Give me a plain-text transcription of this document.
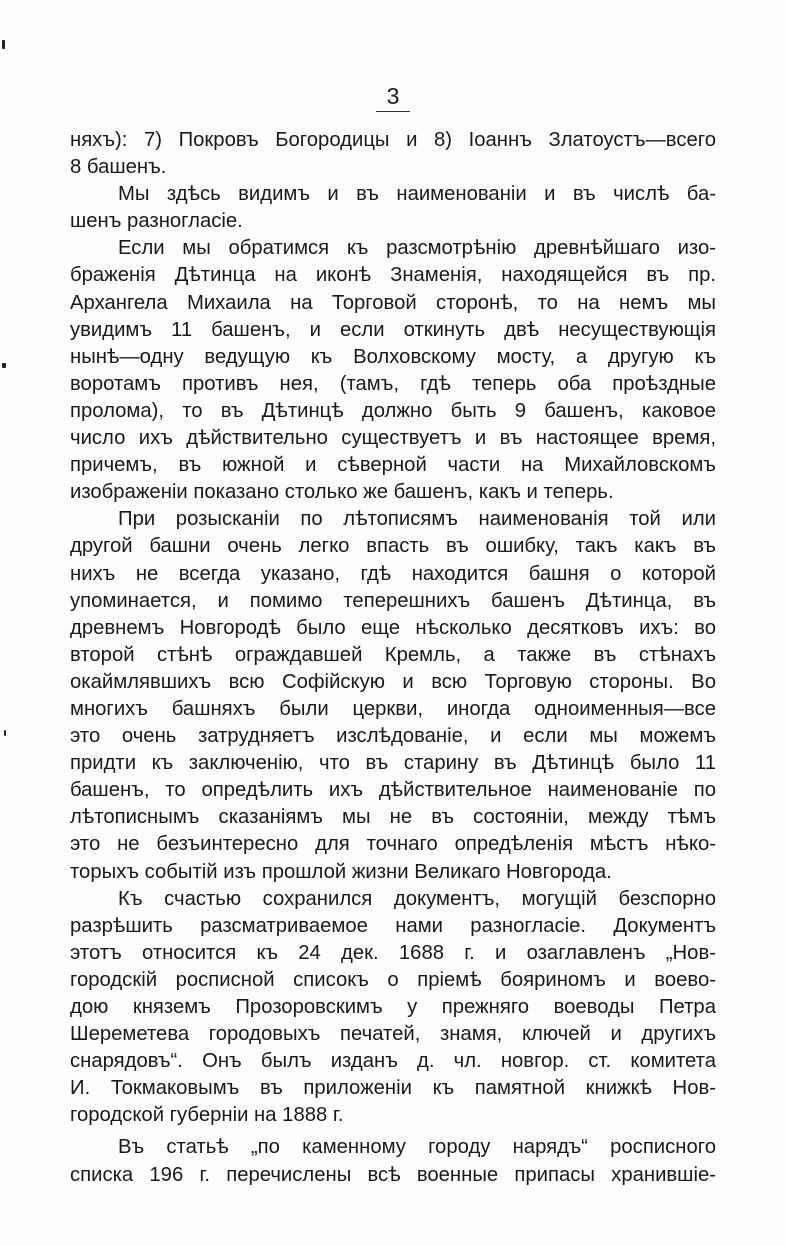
3
няхъ): 7) Покровъ Богородицы и 8) Іоаннъ Златоустъ—всего
8 башенъ.
Мы здѣсь видимъ и въ наименованіи и въ числѣ ба-
шенъ разногласіе.
Если мы обратимся къ разсмотрѣнію древнѣйшаго изо-
браженія Дѣтинца на иконѣ Знаменія, находящейся въ пр.
Архангела Михаила на Торговой сторонѣ, то на немъ мы
увидимъ 11 башенъ, и если откинуть двѣ несуществующія
нынѣ—одну ведущую къ Волховскому мосту, а другую къ
воротамъ противъ нея, (тамъ, гдѣ теперь оба проѣздные
пролома), то въ Дѣтинцѣ должно быть 9 башенъ, каковое
число ихъ дѣйствительно существуетъ и въ настоящее время,
причемъ, въ южной и сѣверной части на Михайловскомъ
изображеніи показано столько же башенъ, какъ и теперь.
При розысканіи по лѣтописямъ наименованія той или
другой башни очень легко впасть въ ошибку, такъ какъ въ
нихъ не всегда указано, гдѣ находится башня о которой
упоминается, и помимо теперешнихъ башенъ Дѣтинца, въ
древнемъ Новгородѣ было еще нѣсколько десятковъ ихъ: во
второй стѣнѣ ограждавшей Кремль, а также въ стѣнахъ
окаймлявшихъ всю Софійскую и всю Торговую стороны. Во
многихъ башняхъ были церкви, иногда одноименныя—все
это очень затрудняетъ изслѣдованіе, и если мы можемъ
придти къ заключенію, что въ старину въ Дѣтинцѣ было 11
башенъ, то опредѣлить ихъ дѣйствительное наименованіе по
лѣтописнымъ сказаніямъ мы не въ состояніи, между тѣмъ
это не безъинтересно для точнаго опредѣленія мѣстъ нѣко-
торыхъ событій изъ прошлой жизни Великаго Новгорода.
Къ счастью сохранился документъ, могущій безспорно
разрѣшить разсматриваемое нами разногласіе. Документъ
этотъ относится къ 24 дек. 1688 г. и озаглавленъ „Нов-
городскій росписной списокъ о пріемѣ бояриномъ и воево-
дою княземъ Прозоровскимъ у прежняго воеводы Петра
Шереметева городовыхъ печатей, знамя, ключей и другихъ
снарядовъ“. Онъ былъ изданъ д. чл. новгор. ст. комитета
И. Токмаковымъ въ приложеніи къ памятной книжкѣ Нов-
городской губерніи на 1888 г.
Въ статьѣ „по каменному городу нарядъ“ росписного
списка 196 г. перечислены всѣ военные припасы хранившіе-
